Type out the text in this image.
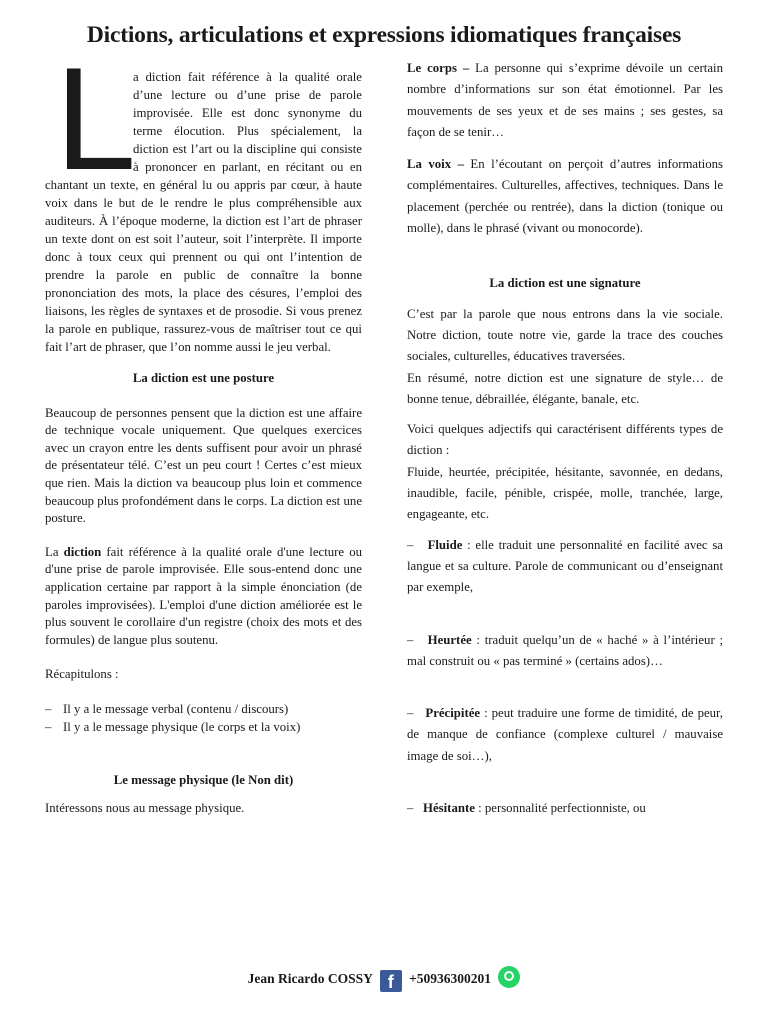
Dictions, articulations et expressions idiomatiques françaises

L
a diction fait référence à la qualité orale d’une lecture ou d’une prise de parole improvisée. Elle est donc synonyme du terme élocution. Plus spécialement, la diction est l’art ou la discipline qui consiste à prononcer en parlant, en récitant ou en chantant un texte, en général lu ou appris par cœur, à haute voix dans le but de le rendre le plus compréhensible aux auditeurs. À l’époque moderne, la diction est l’art de phraser un texte dont on est soit l’auteur, soit l’interprète. Il importe donc à toux ceux qui prennent ou qui ont l’intention de prendre la parole en public de connaître la bonne prononciation des mots, la place des césures, l’emploi des liaisons, les règles de syntaxes et de prosodie. Si vous prenez la parole en publique, rassurez-vous de maîtriser tout ce qui fait l’art de phraser, que l’on nomme aussi le jeu verbal.

La diction est une posture

Beaucoup de personnes pensent que la diction est une affaire de technique vocale uniquement. Que quelques exercices avec un crayon entre les dents suffisent pour avoir un phrasé de présentateur télé. C’est un peu court ! Certes c’est mieux que rien. Mais la diction va beaucoup plus loin et commence beaucoup plus profondément dans le corps. La diction est une posture.

La diction fait référence à la qualité orale d'une lecture ou d'une prise de parole improvisée. Elle sous-entend donc une application certaine par rapport à la simple énonciation (de paroles improvisées). L'emploi d'une diction améliorée est le plus souvent le corollaire d'un registre (choix des mots et des formules) de langue plus soutenu.

Récapitulons :

– Il y a le message verbal (contenu / discours)
– Il y a le message physique (le corps et la voix)

Le message physique (le Non dit)

Intéressons nous au message physique.

Le corps – La personne qui s’exprime dévoile un certain nombre d’informations sur son état émotionnel. Par les mouvements de ses yeux et de ses mains ; ses gestes, sa façon de se tenir…

La voix – En l’écoutant on perçoit d’autres informations complémentaires. Culturelles, affectives, techniques. Dans le placement (perchée ou rentrée), dans la diction (tonique ou molle), dans le phrasé (vivant ou monocorde).

La diction est une signature

C’est par la parole que nous entrons dans la vie sociale. Notre diction, toute notre vie, garde la trace des couches sociales, culturelles, éducatives traversées.

En résumé, notre diction est une signature de style… de bonne tenue, débraillée, élégante, banale, etc.

Voici quelques adjectifs qui caractérisent différents types de diction :

Fluide, heurtée, précipitée, hésitante, savonnée, en dedans, inaudible, facile, pénible, crispée, molle, tranchée, large, engageante, etc.

– Fluide : elle traduit une personnalité en facilité avec sa langue et sa culture. Parole de communicant ou d’enseignant par exemple,

– Heurtée : traduit quelqu’un de « haché » à l’intérieur ; mal construit ou « pas terminé » (certains ados)…

– Précipitée : peut traduire une forme de timidité, de peur, de manque de confiance (complexe culturel / mauvaise image de soi…),

– Hésitante : personnalité perfectionniste, ou

Jean Ricardo COSSY f +50936300201
